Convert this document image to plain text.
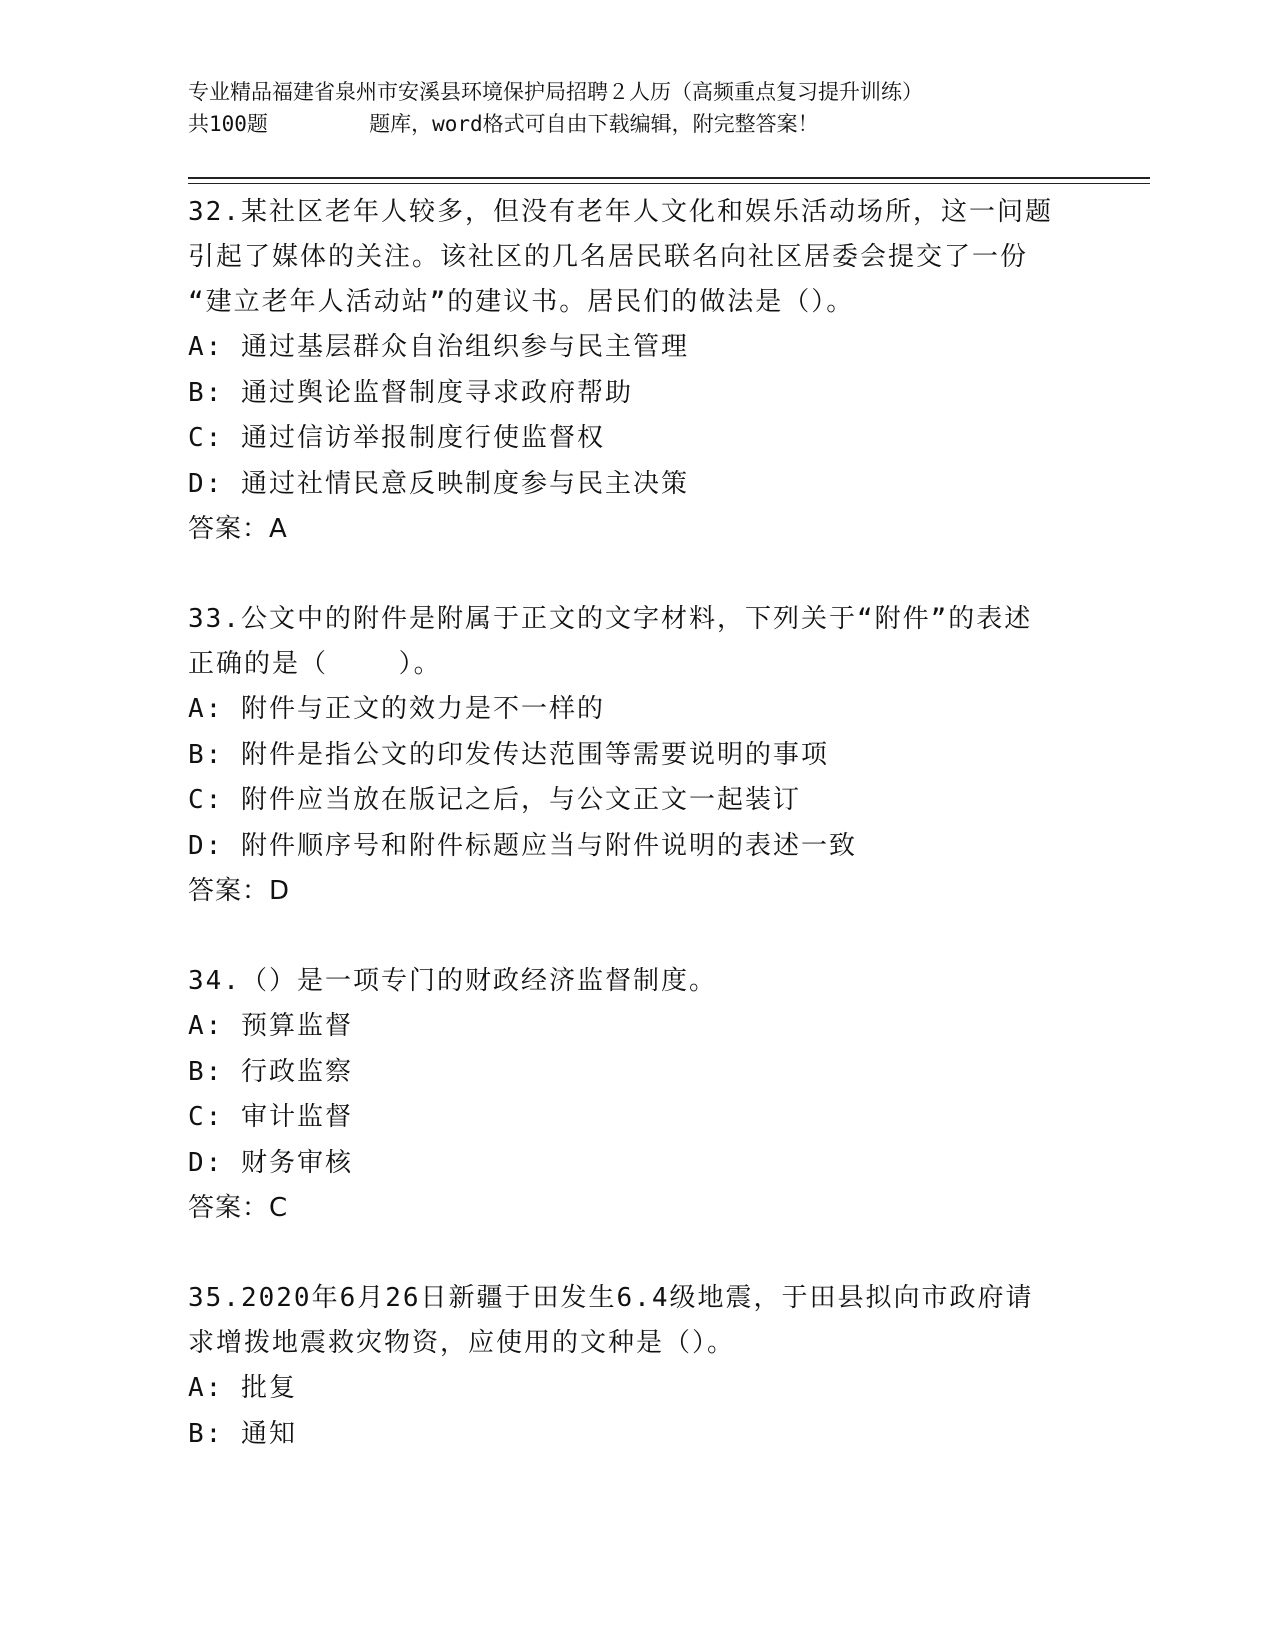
专业精品福建省泉州市安溪县环境保护局招聘２人历（高频重点复习提升训练）
共100题        题库，word格式可自由下载编辑，附完整答案！

32.某社区老年人较多，但没有老年人文化和娱乐活动场所，这一问题

引起了媒体的关注。该社区的几名居民联名向社区居委会提交了一份

“建立老年人活动站”的建议书。居民们的做法是（）。

A: 通过基层群众自治组织参与民主管理

B: 通过舆论监督制度寻求政府帮助

C: 通过信访举报制度行使监督权

D: 通过社情民意反映制度参与民主决策

答案：A

33.公文中的附件是附属于正文的文字材料，下列关于“附件”的表述

正确的是（    ）。

A: 附件与正文的效力是不一样的

B: 附件是指公文的印发传达范围等需要说明的事项

C: 附件应当放在版记之后，与公文正文一起装订

D: 附件顺序号和附件标题应当与附件说明的表述一致

答案：D

34.（）是一项专门的财政经济监督制度。

A: 预算监督

B: 行政监察

C: 审计监督

D: 财务审核

答案：C

35.2020年6月26日新疆于田发生6.4级地震，于田县拟向市政府请

求增拨地震救灾物资，应使用的文种是（）。

A: 批复

B: 通知
